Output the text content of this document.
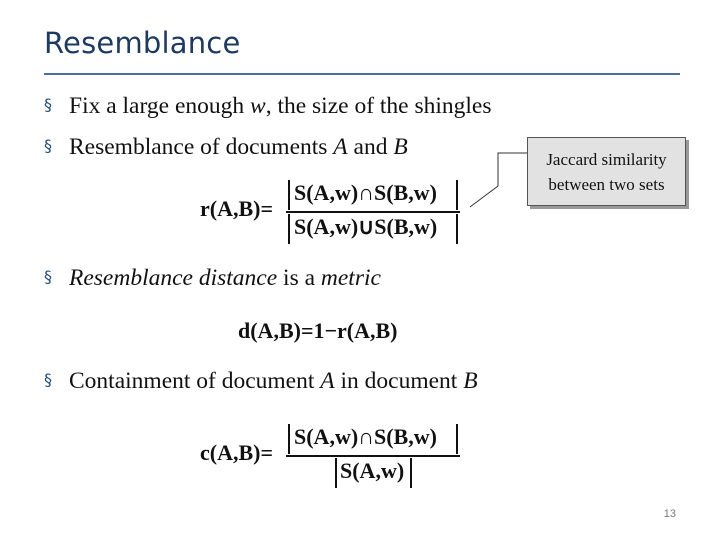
Resemblance
§ Fix a large enough w, the size of the shingles
§ Resemblance of documents A and B	Jaccard similarity
between two sets
r(A,B)=
S(A,w)∩S(B,w)
S(A,w)∪S(B,w)
§ Resemblance distance is a metric
d(A,B)=1−r(A,B)
§ Containment of document A in document B
c(A,B)=
S(A,w)∩S(B,w)
S(A,w)
13
